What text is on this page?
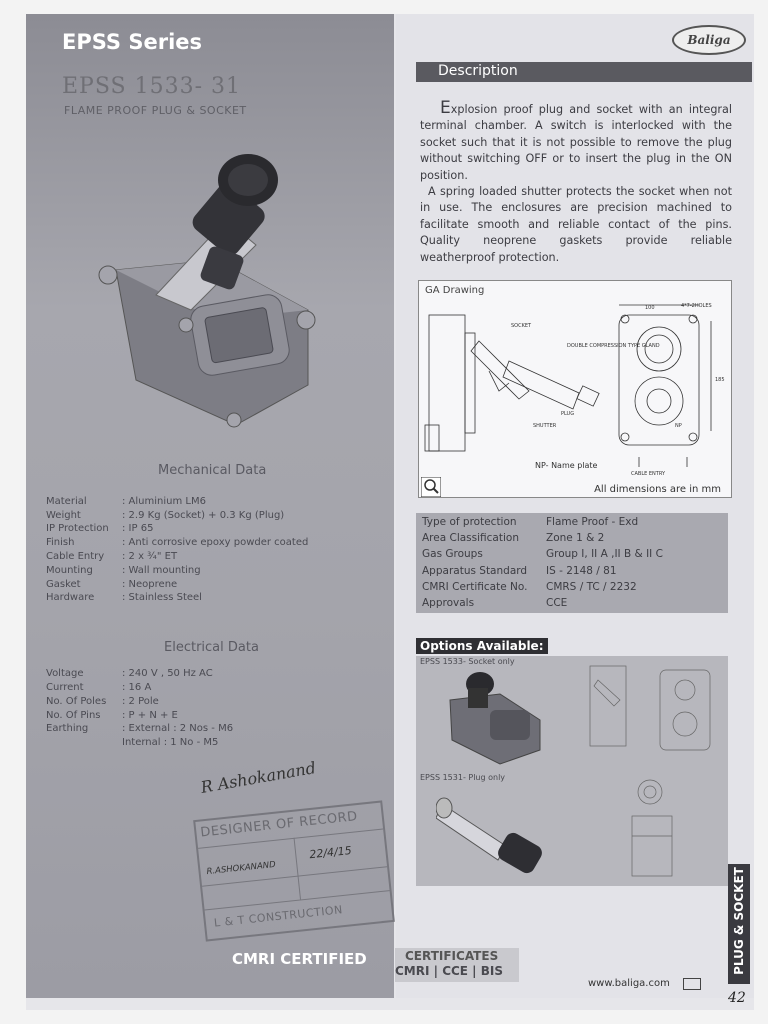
EPSS Series
EPSS 1533- 31
FLAME PROOF PLUG & SOCKET
Baliga
Description

Explosion proof plug and socket with an integral terminal chamber. A switch is interlocked with the socket such that it is not possible to remove the plug without switching OFF or to insert the plug in the ON position.

A spring loaded shutter protects the socket when not in use. The enclosures are precision machined to facilitate smooth and reliable contact of the pins. Quality neoprene gaskets provide reliable weatherproof protection.

GA Drawing
SOCKET
DOUBLE COMPRESSION TYPE GLAND
PLUG
SHUTTER
100	4*7-2HOLES
185
NP
CABLE ENTRY
NP- Name plate
All dimensions are in mm
Type of protection	Flame Proof - Exd
Area Classification	Zone 1 & 2
Gas Groups	Group I, II A ,II B & II C
Apparatus Standard	IS - 2148 / 81
CMRI Certificate No.	CMRS / TC / 2232
Approvals	CCE
Options Available:
EPSS 1533- Socket only
EPSS 1531- Plug only
Mechanical Data
Material	: Aluminium LM6
Weight	: 2.9 Kg (Socket) + 0.3 Kg (Plug)
IP Protection	: IP 65
Finish	: Anti corrosive epoxy powder coated
Cable Entry	: 2 x ¾" ET
Mounting	: Wall mounting
Gasket	: Neoprene
Hardware	: Stainless Steel
Electrical Data
Voltage	: 240 V , 50 Hz AC
Current	: 16 A
No. Of Poles	: 2 Pole
No. Of Pins	: P + N + E
Earthing	: External : 2 Nos - M6
Internal : 1 No - M5
R Ashokanand
DESIGNER OF RECORD
R.ASHOKANAND
22/4/15
L & T CONSTRUCTION
CMRI CERTIFIED	CERTIFICATES
CMRI | CCE | BIS
www.baliga.com
PLUG & SOCKET
42
